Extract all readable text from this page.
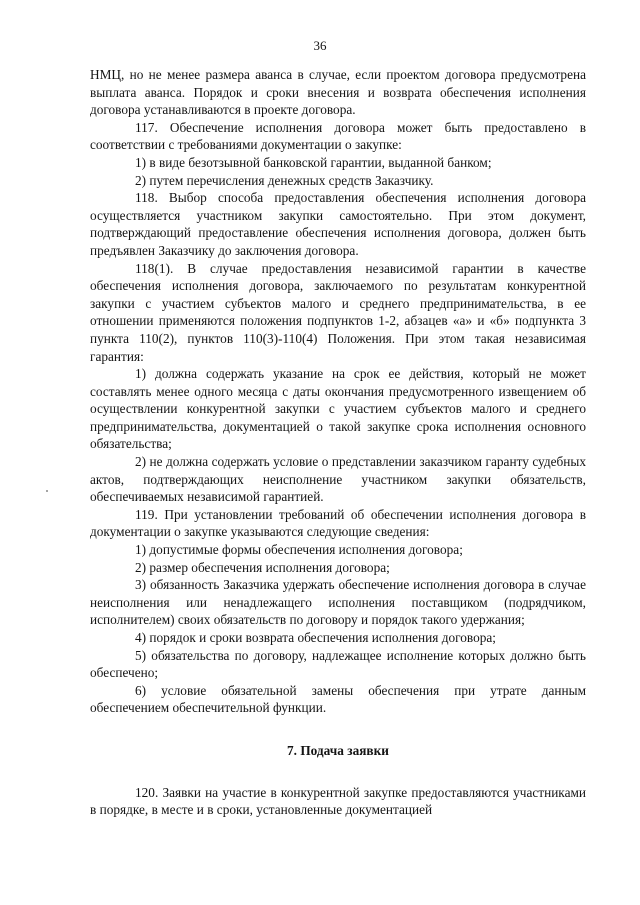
36

НМЦ, но не менее размера аванса в случае, если проектом договора предусмотрена выплата аванса. Порядок и сроки внесения и возврата обеспечения исполнения договора устанавливаются в проекте договора.

117. Обеспечение исполнения договора может быть предоставлено в соответствии с требованиями документации о закупке:

1) в виде безотзывной банковской гарантии, выданной банком;

2) путем перечисления денежных средств Заказчику.

118. Выбор способа предоставления обеспечения исполнения договора осуществляется участником закупки самостоятельно. При этом документ, подтверждающий предоставление обеспечения исполнения договора, должен быть предъявлен Заказчику до заключения договора.

118(1). В случае предоставления независимой гарантии в качестве обеспечения исполнения договора, заключаемого по результатам конкурентной закупки с участием субъектов малого и среднего предпринимательства, в ее отношении применяются положения подпунктов 1-2, абзацев «а» и «б» подпункта 3 пункта 110(2), пунктов 110(3)-110(4) Положения. При этом такая независимая гарантия:

1) должна содержать указание на срок ее действия, который не может составлять менее одного месяца с даты окончания предусмотренного извещением об осуществлении конкурентной закупки с участием субъектов малого и среднего предпринимательства, документацией о такой закупке срока исполнения основного обязательства;

2) не должна содержать условие о представлении заказчиком гаранту судебных актов, подтверждающих неисполнение участником закупки обязательств, обеспечиваемых независимой гарантией.

119. При установлении требований об обеспечении исполнения договора в документации о закупке указываются следующие сведения:

1) допустимые формы обеспечения исполнения договора;

2) размер обеспечения исполнения договора;

3) обязанность Заказчика удержать обеспечение исполнения договора в случае неисполнения или ненадлежащего исполнения поставщиком (подрядчиком, исполнителем) своих обязательств по договору и порядок такого удержания;

4) порядок и сроки возврата обеспечения исполнения договора;

5) обязательства по договору, надлежащее исполнение которых должно быть обеспечено;

6) условие обязательной замены обеспечения при утрате данным обеспечением обеспечительной функции.

7. Подача заявки

120. Заявки на участие в конкурентной закупке предоставляются участниками в порядке, в месте и в сроки, установленные документацией
